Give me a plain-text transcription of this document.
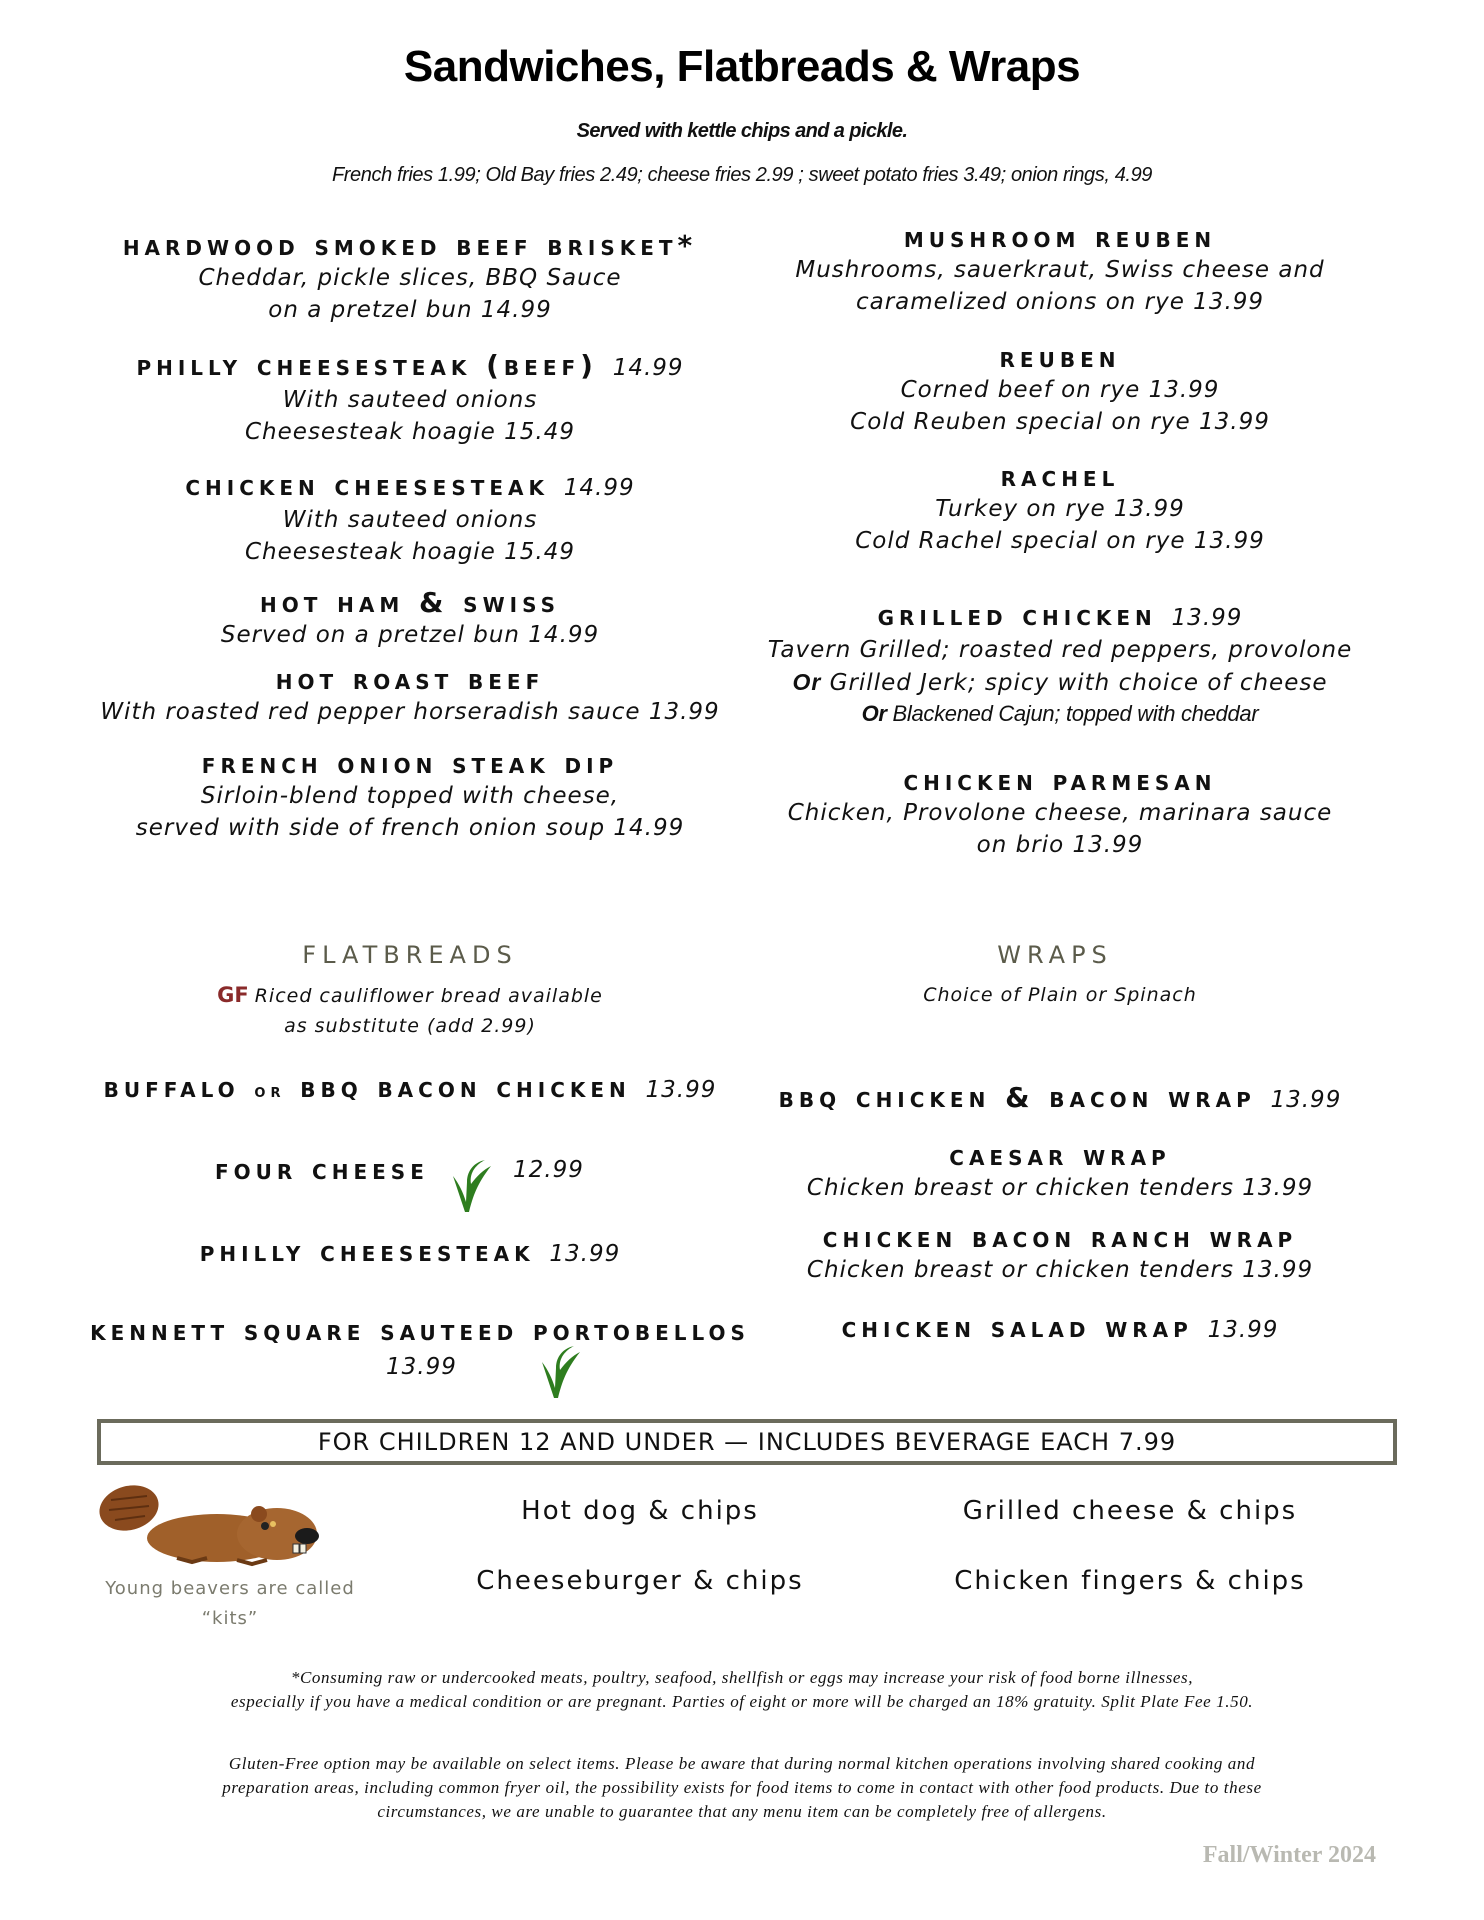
Sandwiches, Flatbreads & Wraps
Served with kettle chips and a pickle.
French fries 1.99; Old Bay fries 2.49; cheese fries 2.99 ; sweet potato fries 3.49; onion rings, 4.99
hardwood smoked beef brisket*
Cheddar, pickle slices, BBQ Sauce
on a pretzel bun 14.99
philly cheesesteak (beef) 14.99
With sauteed onions
Cheesesteak hoagie 15.49
chicken cheesesteak 14.99
With sauteed onions
Cheesesteak hoagie 15.49
hot ham & swiss
Served on a pretzel bun 14.99
hot roast beef
With roasted red pepper horseradish sauce 13.99
french onion steak dip
Sirloin-blend topped with cheese,
served with side of french onion soup 14.99
mushroom reuben
Mushrooms, sauerkraut, Swiss cheese and
caramelized onions on rye 13.99
reuben
Corned beef on rye 13.99
Cold Reuben special on rye 13.99
rachel
Turkey on rye 13.99
Cold Rachel special on rye 13.99
grilled chicken 13.99
Tavern Grilled; roasted red peppers, provolone
Or Grilled Jerk; spicy with choice of cheese
Or Blackened Cajun; topped with cheddar
chicken parmesan
Chicken, Provolone cheese, marinara sauce
on brio 13.99
flatbreads
GF Riced cauliflower bread available
as substitute (add 2.99)
buffalo or bbq bacon chicken 13.99
four cheese	12.99
philly cheesesteak 13.99
kennett square sauteed portobellos
13.99
wraps
Choice of Plain or Spinach
bbq chicken & bacon wrap 13.99
caesar wrap
Chicken breast or chicken tenders 13.99
chicken bacon ranch wrap
Chicken breast or chicken tenders 13.99
chicken salad wrap 13.99
FOR CHILDREN 12 AND UNDER — INCLUDES BEVERAGE EACH 7.99
Young beavers are called
“kits”
Hot dog & chips	Grilled cheese & chips
Cheeseburger & chips	Chicken fingers & chips
*Consuming raw or undercooked meats, poultry, seafood, shellfish or eggs may increase your risk of food borne illnesses,
especially if you have a medical condition or are pregnant. Parties of eight or more will be charged an 18% gratuity. Split Plate Fee 1.50.
Gluten-Free option may be available on select items. Please be aware that during normal kitchen operations involving shared cooking and
preparation areas, including common fryer oil, the possibility exists for food items to come in contact with other food products. Due to these
circumstances, we are unable to guarantee that any menu item can be completely free of allergens.
Fall/Winter 2024
